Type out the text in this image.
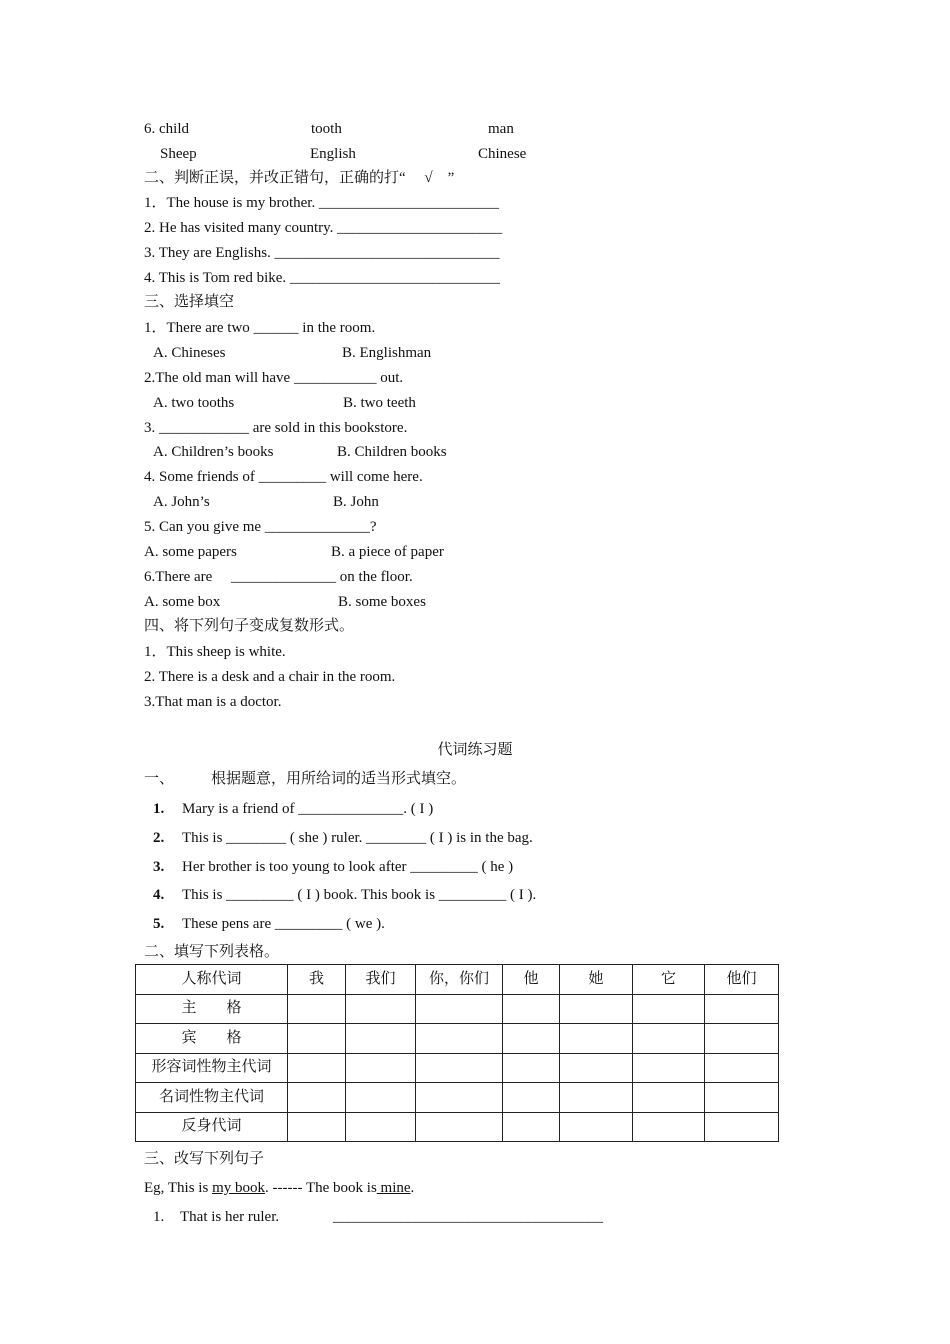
6. child	tooth	man
Sheep	English	Chinese
二、判断正误，并改正错句，正确的打“　 √　”
1．The house is my brother. ________________________
2. He has visited many country. ______________________
3. They are Englishs. ______________________________
4. This is Tom red bike. ____________________________
三、选择填空
1．There are two ______ in the room.
A. Chineses	B. Englishman
2.The old man will have ___________ out.
A. two tooths	B. two teeth
3. ____________ are sold in this bookstore.
A. Children’s books	B. Children books
4. Some friends of _________ will come here.
A. John’s	B. John
5. Can you give me ______________?
A. some papers	B. a piece of paper
6.There are　 ______________ on the floor.
A. some box	B. some boxes
四、将下列句子变成复数形式。
1．This sheep is white.
2. There is a desk and a chair in the room.
3.That man is a doctor.
代词练习题
一、 根据题意，用所给词的适当形式填空。
1. Mary is a friend of ______________. ( I )
2. This is ________ ( she ) ruler. ________ ( I ) is in the bag.
3. Her brother is too young to look after _________ ( he )
4. This is _________ ( I ) book. This book is _________ ( I ).
5. These pens are _________ ( we ).
二、填写下列表格。
人称代词	我	我们	你，你们	他	她	它	他们
主　　格							
宾　　格							
形容词性物主代词							
名词性物主代词							
反身代词							
三、改写下列句子
Eg, This is my book. ------ The book is mine.
1. That is her ruler.	____________________________________
